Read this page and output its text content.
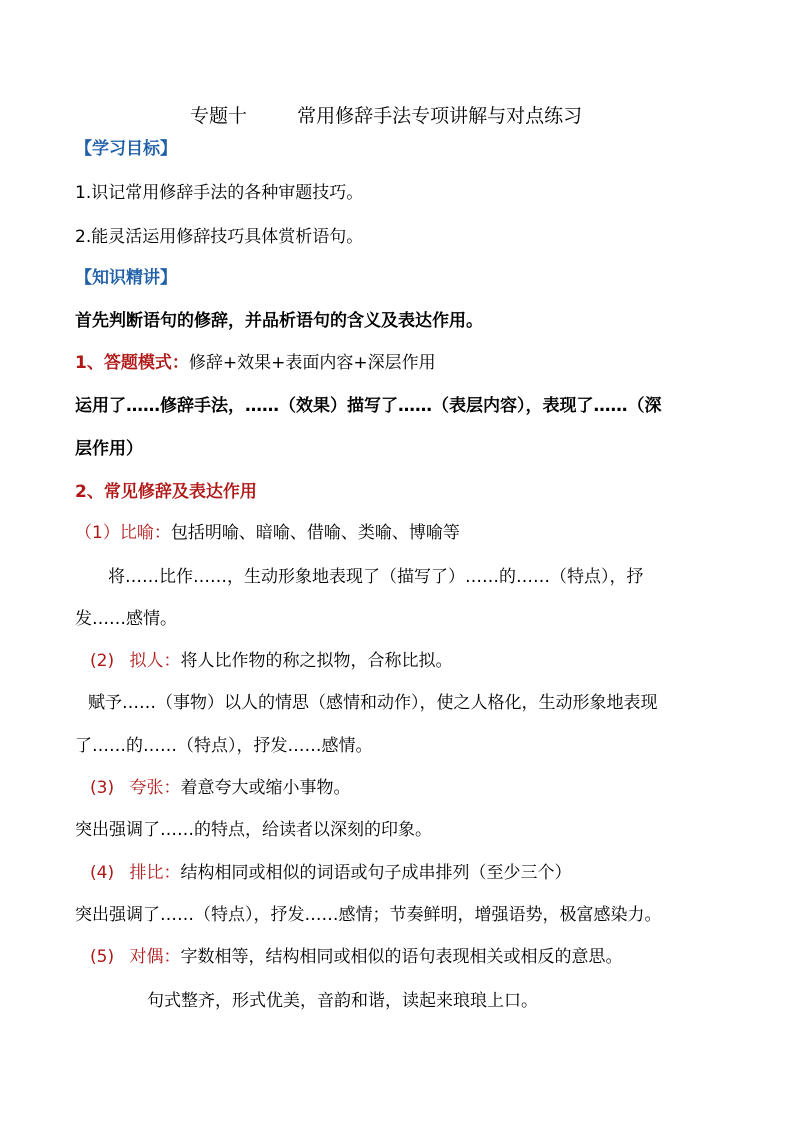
专题十	常用修辞手法专项讲解与对点练习
【学习目标】
1.识记常用修辞手法的各种审题技巧。
2.能灵活运用修辞技巧具体赏析语句。
【知识精讲】
首先判断语句的修辞，并品析语句的含义及表达作用。
1、答题模式：修辞+效果+表面内容+深层作用
运用了……修辞手法，……（效果）描写了……（表层内容），表现了……（深
层作用）
2、常见修辞及表达作用
（1）比喻：包括明喻、暗喻、借喻、类喻、博喻等
将……比作……，生动形象地表现了（描写了）……的……（特点），抒
发……感情。
(2) 拟人：将人比作物的称之拟物，合称比拟。
赋予……（事物）以人的情思（感情和动作），使之人格化，生动形象地表现
了……的……（特点），抒发……感情。
(3) 夸张：着意夸大或缩小事物。
突出强调了……的特点，给读者以深刻的印象。
(4) 排比：结构相同或相似的词语或句子成串排列（至少三个）
突出强调了……（特点），抒发……感情；节奏鲜明，增强语势，极富感染力。
(5) 对偶：字数相等，结构相同或相似的语句表现相关或相反的意思。
句式整齐，形式优美，音韵和谐，读起来琅琅上口。
